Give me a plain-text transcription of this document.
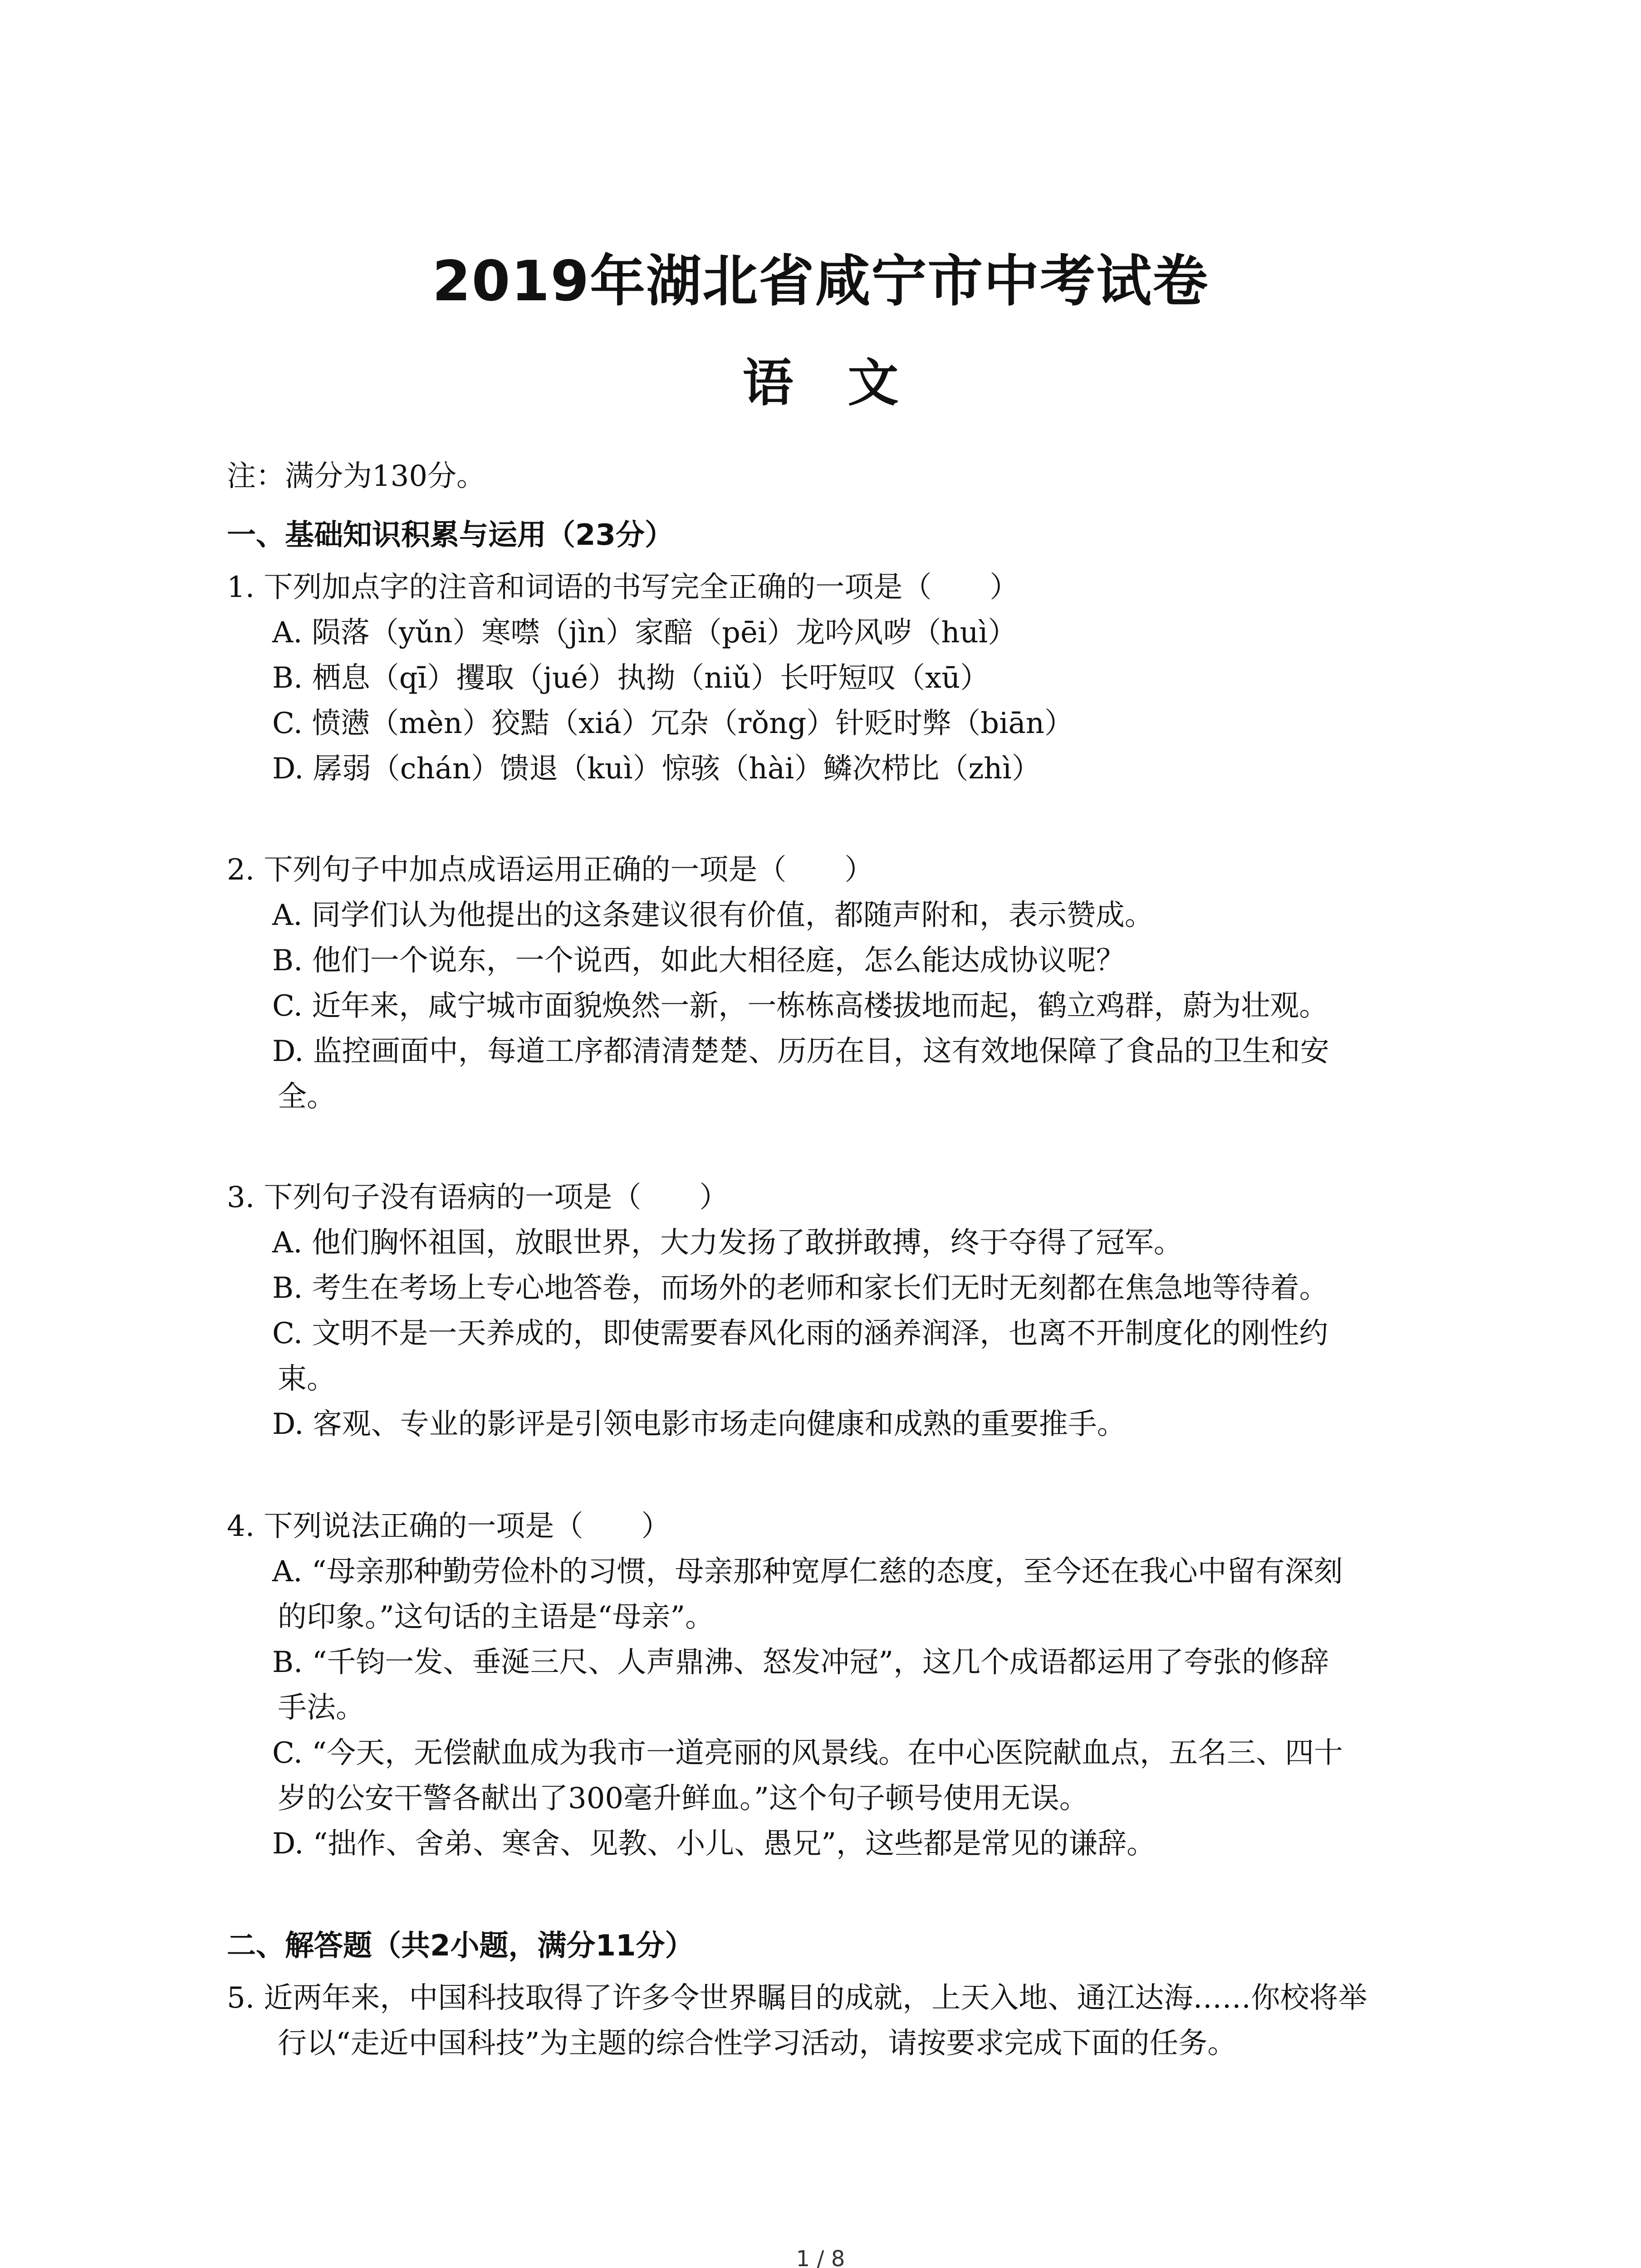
2019年湖北省咸宁市中考试卷
语文
注：满分为130分。
一、基础知识积累与运用（23分）
1. 下列加点字的注音和词语的书写完全正确的一项是（　　）
A. 陨落（yǔn）寒噤（jìn）家醅（pēi）龙吟风哕（huì）
B. 栖息（qī）攫取（jué）执拗（niǔ）长吁短叹（xū）
C. 愤懑（mèn）狡黠（xiá）冗杂（rǒng）针贬时弊（biān）
D. 孱弱（chán）馈退（kuì）惊骇（hài）鳞次栉比（zhì）
2. 下列句子中加点成语运用正确的一项是（　　）
A. 同学们认为他提出的这条建议很有价值，都随声附和，表示赞成。
B. 他们一个说东，一个说西，如此大相径庭，怎么能达成协议呢？
C. 近年来，咸宁城市面貌焕然一新，一栋栋高楼拔地而起，鹤立鸡群，蔚为壮观。
D. 监控画面中，每道工序都清清楚楚、历历在目，这有效地保障了食品的卫生和安
全。
3. 下列句子没有语病的一项是（　　）
A. 他们胸怀祖国，放眼世界，大力发扬了敢拼敢搏，终于夺得了冠军。
B. 考生在考场上专心地答卷，而场外的老师和家长们无时无刻都在焦急地等待着。
C. 文明不是一天养成的，即使需要春风化雨的涵养润泽，也离不开制度化的刚性约
束。
D. 客观、专业的影评是引领电影市场走向健康和成熟的重要推手。
4. 下列说法正确的一项是（　　）
A. “母亲那种勤劳俭朴的习惯，母亲那种宽厚仁慈的态度，至今还在我心中留有深刻
的印象。”这句话的主语是“母亲”。
B. “千钧一发、垂涎三尺、人声鼎沸、怒发冲冠”，这几个成语都运用了夸张的修辞
手法。
C. “今天，无偿献血成为我市一道亮丽的风景线。在中心医院献血点，五名三、四十
岁的公安干警各献出了300毫升鲜血。”这个句子顿号使用无误。
D. “拙作、舍弟、寒舍、见教、小儿、愚兄”，这些都是常见的谦辞。
二、解答题（共2小题，满分11分）
5. 近两年来，中国科技取得了许多令世界瞩目的成就，上天入地、通江达海……你校将举
行以“走近中国科技”为主题的综合性学习活动，请按要求完成下面的任务。
1 / 8
